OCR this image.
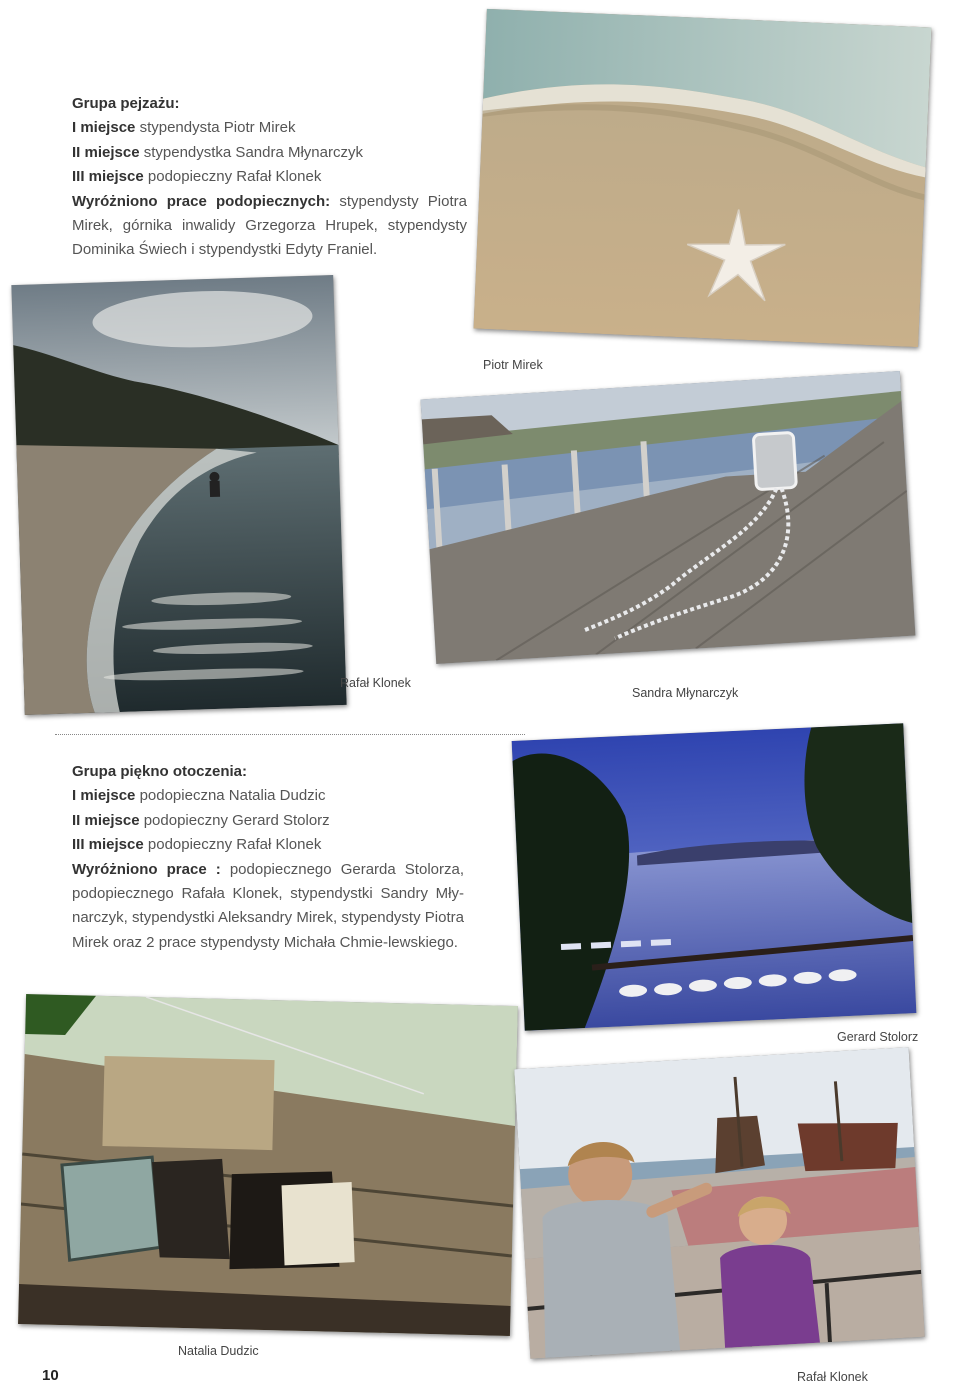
Grupa pejzażu:

I miejsce stypendysta Piotr Mirek

II miejsce stypendystka Sandra Młynarczyk

III miejsce podopieczny Rafał Klonek

Wyróżniono prace podopiecznych: stypendysty Piotra Mirek, górnika inwalidy Grzegorza Hrupek, stypendysty Dominika Świech i stypendystki Edyty Franiel.

Piotr Mirek
Rafał Klonek
Sandra Młynarczyk

Grupa piękno otoczenia:

I miejsce podopieczna Natalia Dudzic

II miejsce podopieczny Gerard Stolorz

III miejsce podopieczny Rafał Klonek

Wyróżniono prace : podopiecznego Gerarda Stolorza, podopiecznego Rafała Klonek, stypendystki Sandry Mły-narczyk, stypendystki Aleksandry Mirek, stypendysty Piotra Mirek oraz 2 prace stypendysty Michała Chmie-lewskiego.

Gerard Stolorz
Natalia Dudzic
Rafał Klonek
10
